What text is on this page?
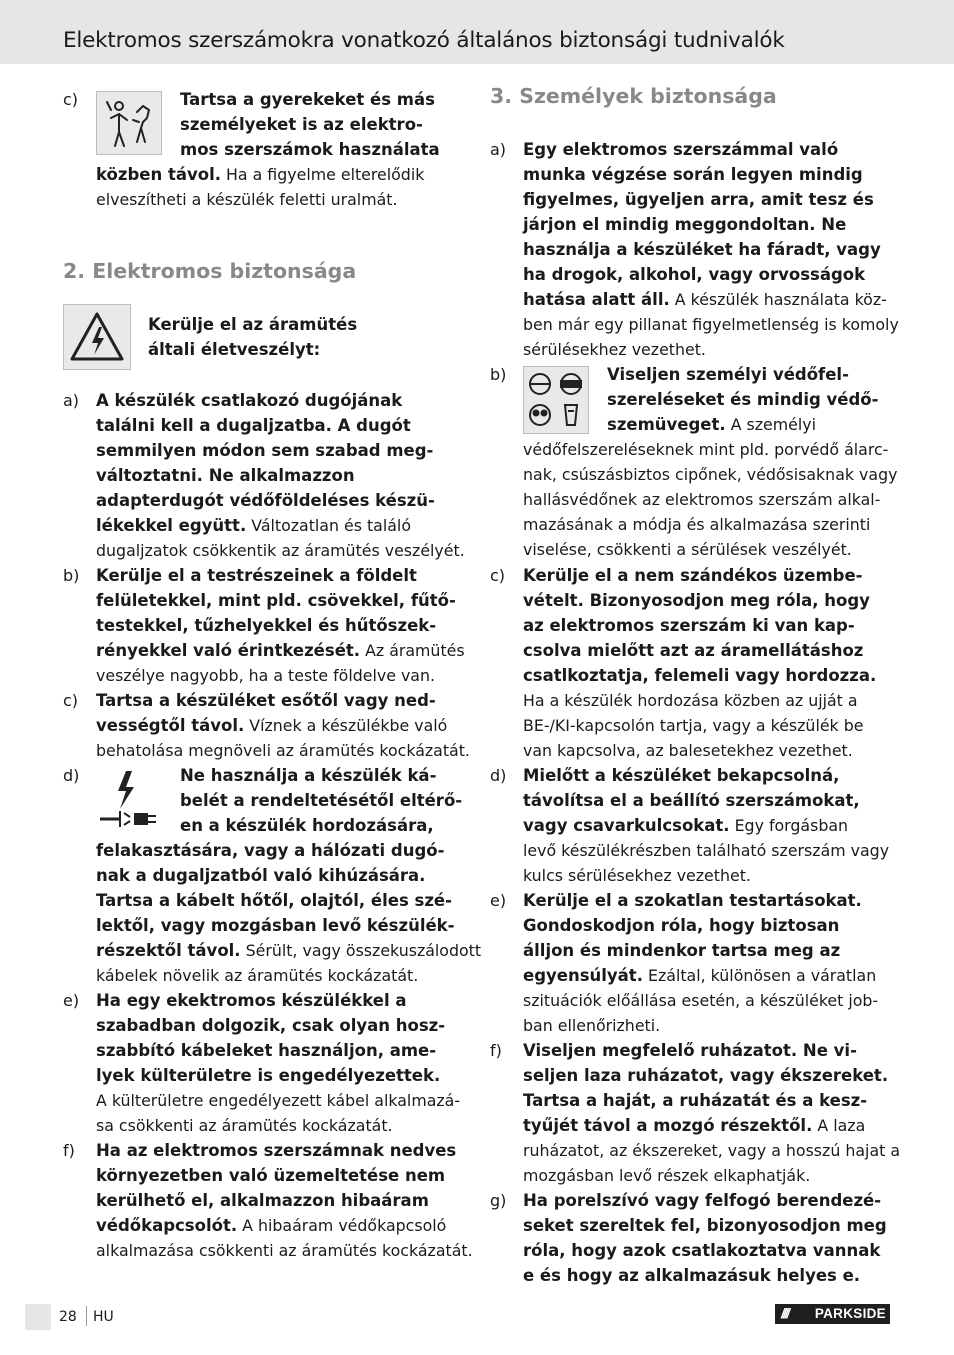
Elektromos szerszámokra vonatkozó általános biztonsági tudnivalók
c)	Tartsa a gyerekeket és más
személyeket is az elektro-
mos szerszámok használata
közben távol. Ha a figyelme elterelődik
elveszítheti a készülék feletti uralmát.
2. Elektromos biztonsága
Kerülje el az áramütés
általi életveszélyt:
a) A készülék csatlakozó dugójának
találni kell a dugaljzatba. A dugót
semmilyen módon sem szabad meg-
változtatni. Ne alkalmazzon
adapterdugót védőföldeléses készü-
lékekkel együtt. Változatlan és találó
dugaljzatok csökkentik az áramütés veszélyét.
b) Kerülje el a testrészeinek a földelt
felületekkel, mint pld. csövekkel, fűtő-
testekkel, tűzhelyekkel és hűtőszek-
rényekkel való érintkezését. Az áramütés
veszélye nagyobb, ha a teste földelve van.
c) Tartsa a készüléket esőtől vagy ned-
vességtől távol. Víznek a készülékbe való
behatolása megnöveli az áramütés kockázatát.
d)	Ne használja a készülék ká-
belét a rendeltetésétől eltérő-
en a készülék hordozására,
felakasztására, vagy a hálózati dugó-
nak a dugaljzatból való kihúzására.
Tartsa a kábelt hőtől, olajtól, éles szé-
lektől, vagy mozgásban levő készülék-
részektől távol. Sérült, vagy összekuszálodott
kábelek növelik az áramütés kockázatát.
e) Ha egy ekektromos készülékkel a
szabadban dolgozik, csak olyan hosz-
szabbító kábeleket használjon, ame-
lyek külterületre is engedélyezettek.
A külterületre engedélyezett kábel alkalmazá-
sa csökkenti az áramütés kockázatát.
f) Ha az elektromos szerszámnak nedves
környezetben való üzemeltetése nem
kerülhető el, alkalmazzon hibaáram
védőkapcsolót. A hibaáram védőkapcsoló
alkalmazása csökkenti az áramütés kockázatát.
3. Személyek biztonsága
a) Egy elektromos szerszámmal való
munka végzése során legyen mindig
figyelmes, ügyeljen arra, amit tesz és
járjon el mindig meggondoltan. Ne
használja a készüléket ha fáradt, vagy
ha drogok, alkohol, vagy orvosságok
hatása alatt áll. A készülék használata köz-
ben már egy pillanat figyelmetlenség is komoly
sérülésekhez vezethet.
b)	Viseljen személyi védőfel-
szereléseket és mindig védő-
szemüveget. A személyi
védőfelszereléseknek mint pld. porvédő álarc-
nak, csúszásbiztos cipőnek, védősisaknak vagy
hallásvédőnek az elektromos szerszám alkal-
mazásának a módja és alkalmazása szerinti
viselése, csökkenti a sérülések veszélyét.
c) Kerülje el a nem szándékos üzembe-
vételt. Bizonyosodjon meg róla, hogy
az elektromos szerszám ki van kap-
csolva mielőtt azt az áramellátáshoz
csatlkoztatja, felemeli vagy hordozza.
Ha a készülék hordozása közben az ujját a
BE-/KI-kapcsolón tartja, vagy a készülék be
van kapcsolva, az balesetekhez vezethet.
d) Mielőtt a készüléket bekapcsolná,
távolítsa el a beállító szerszámokat,
vagy csavarkulcsokat. Egy forgásban
levő készülékrészben található szerszám vagy
kulcs sérülésekhez vezethet.
e) Kerülje el a szokatlan testartásokat.
Gondoskodjon róla, hogy biztosan
álljon és mindenkor tartsa meg az
egyensúlyát. Ezáltal, különösen a váratlan
szituációk előállása esetén, a készüléket job-
ban ellenőrizheti.
f) Viseljen megfelelő ruházatot. Ne vi-
seljen laza ruházatot, vagy ékszereket.
Tartsa a haját, a ruházatát és a kesz-
tyűjét távol a mozgó részektől. A laza
ruházatot, az ékszereket, vagy a hosszú hajat a
mozgásban levő részek elkaphatják.
g) Ha porelszívó vagy felfogó berendezé-
seket szereltek fel, bizonyosodjon meg
róla, hogy azok csatlakoztatva vannak
e és hogy az alkalmazásuk helyes e.
28 HU	//// PARKSIDE
